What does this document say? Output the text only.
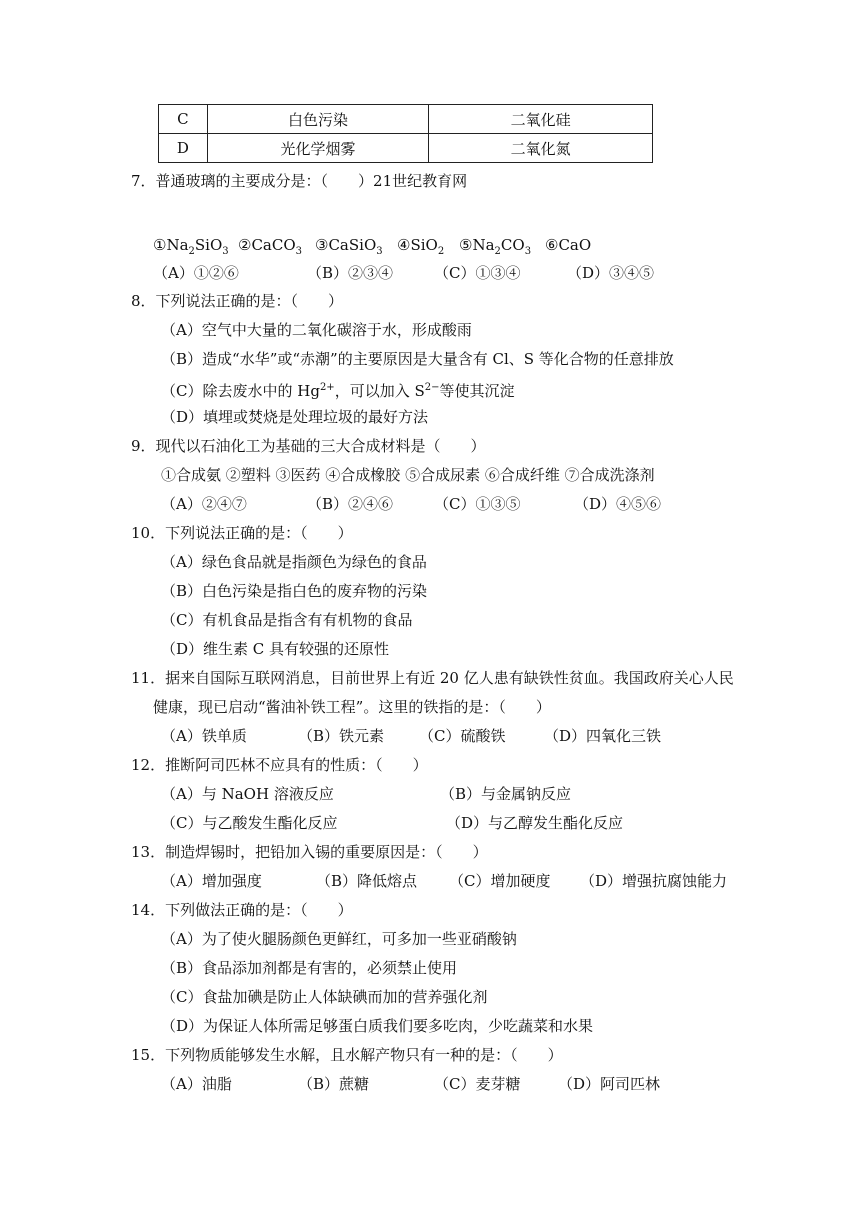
C	白色污染	二氧化硅
D	光化学烟雾	二氧化氮
7．普通玻璃的主要成分是：（　　）21世纪教育网
$①Na_2SiO_3$ ②CaCO$_3$ ③CaSiO$_3$ ④SiO$_2$ $⑤Na_2CO_3$ ⑥CaO
（A）①②⑥	（B）②③④	（C）①③④	（D）③④⑤
8．下列说法正确的是：（　　）
（A）空气中大量的二氧化碳溶于水，形成酸雨
（B）造成“水华”或“赤潮”的主要原因是大量含有 Cl、S 等化合物的任意排放
（C）除去废水中的 $Hg^{2+}$，可以加入 $S^{2-}$等使其沉淀
（D）填埋或焚烧是处理垃圾的最好方法
9．现代以石油化工为基础的三大合成材料是（　　）
①合成氨 ②塑料 ③医药 ④合成橡胶 ⑤合成尿素 ⑥合成纤维 ⑦合成洗涤剂
（A）②④⑦	（B）②④⑥	（C）①③⑤	（D）④⑤⑥
10．下列说法正确的是：（　　）
（A）绿色食品就是指颜色为绿色的食品
（B）白色污染是指白色的废弃物的污染
（C）有机食品是指含有有机物的食品
（D）维生素 C 具有较强的还原性
11．据来自国际互联网消息，目前世界上有近 20 亿人患有缺铁性贫血。我国政府关心人民
健康，现已启动“酱油补铁工程”。这里的铁指的是：（　　）
（A）铁单质	（B）铁元素 （C）硫酸铁	（D）四氧化三铁
12．推断阿司匹林不应具有的性质：（　　）
（A）与 NaOH 溶液反应	（B）与金属钠反应
（C）与乙酸发生酯化反应	（D）与乙醇发生酯化反应
13．制造焊锡时，把铅加入锡的重要原因是：（　　）
（A）增加强度	（B）降低熔点 （C）增加硬度 （D）增强抗腐蚀能力
14．下列做法正确的是：（　　）
（A）为了使火腿肠颜色更鲜红，可多加一些亚硝酸钠
（B）食品添加剂都是有害的，必须禁止使用
（C）食盐加碘是防止人体缺碘而加的营养强化剂
（D）为保证人体所需足够蛋白质我们要多吃肉，少吃蔬菜和水果
15．下列物质能够发生水解，且水解产物只有一种的是：（　　）
（A）油脂	（B）蔗糖	（C）麦芽糖	（D）阿司匹林
